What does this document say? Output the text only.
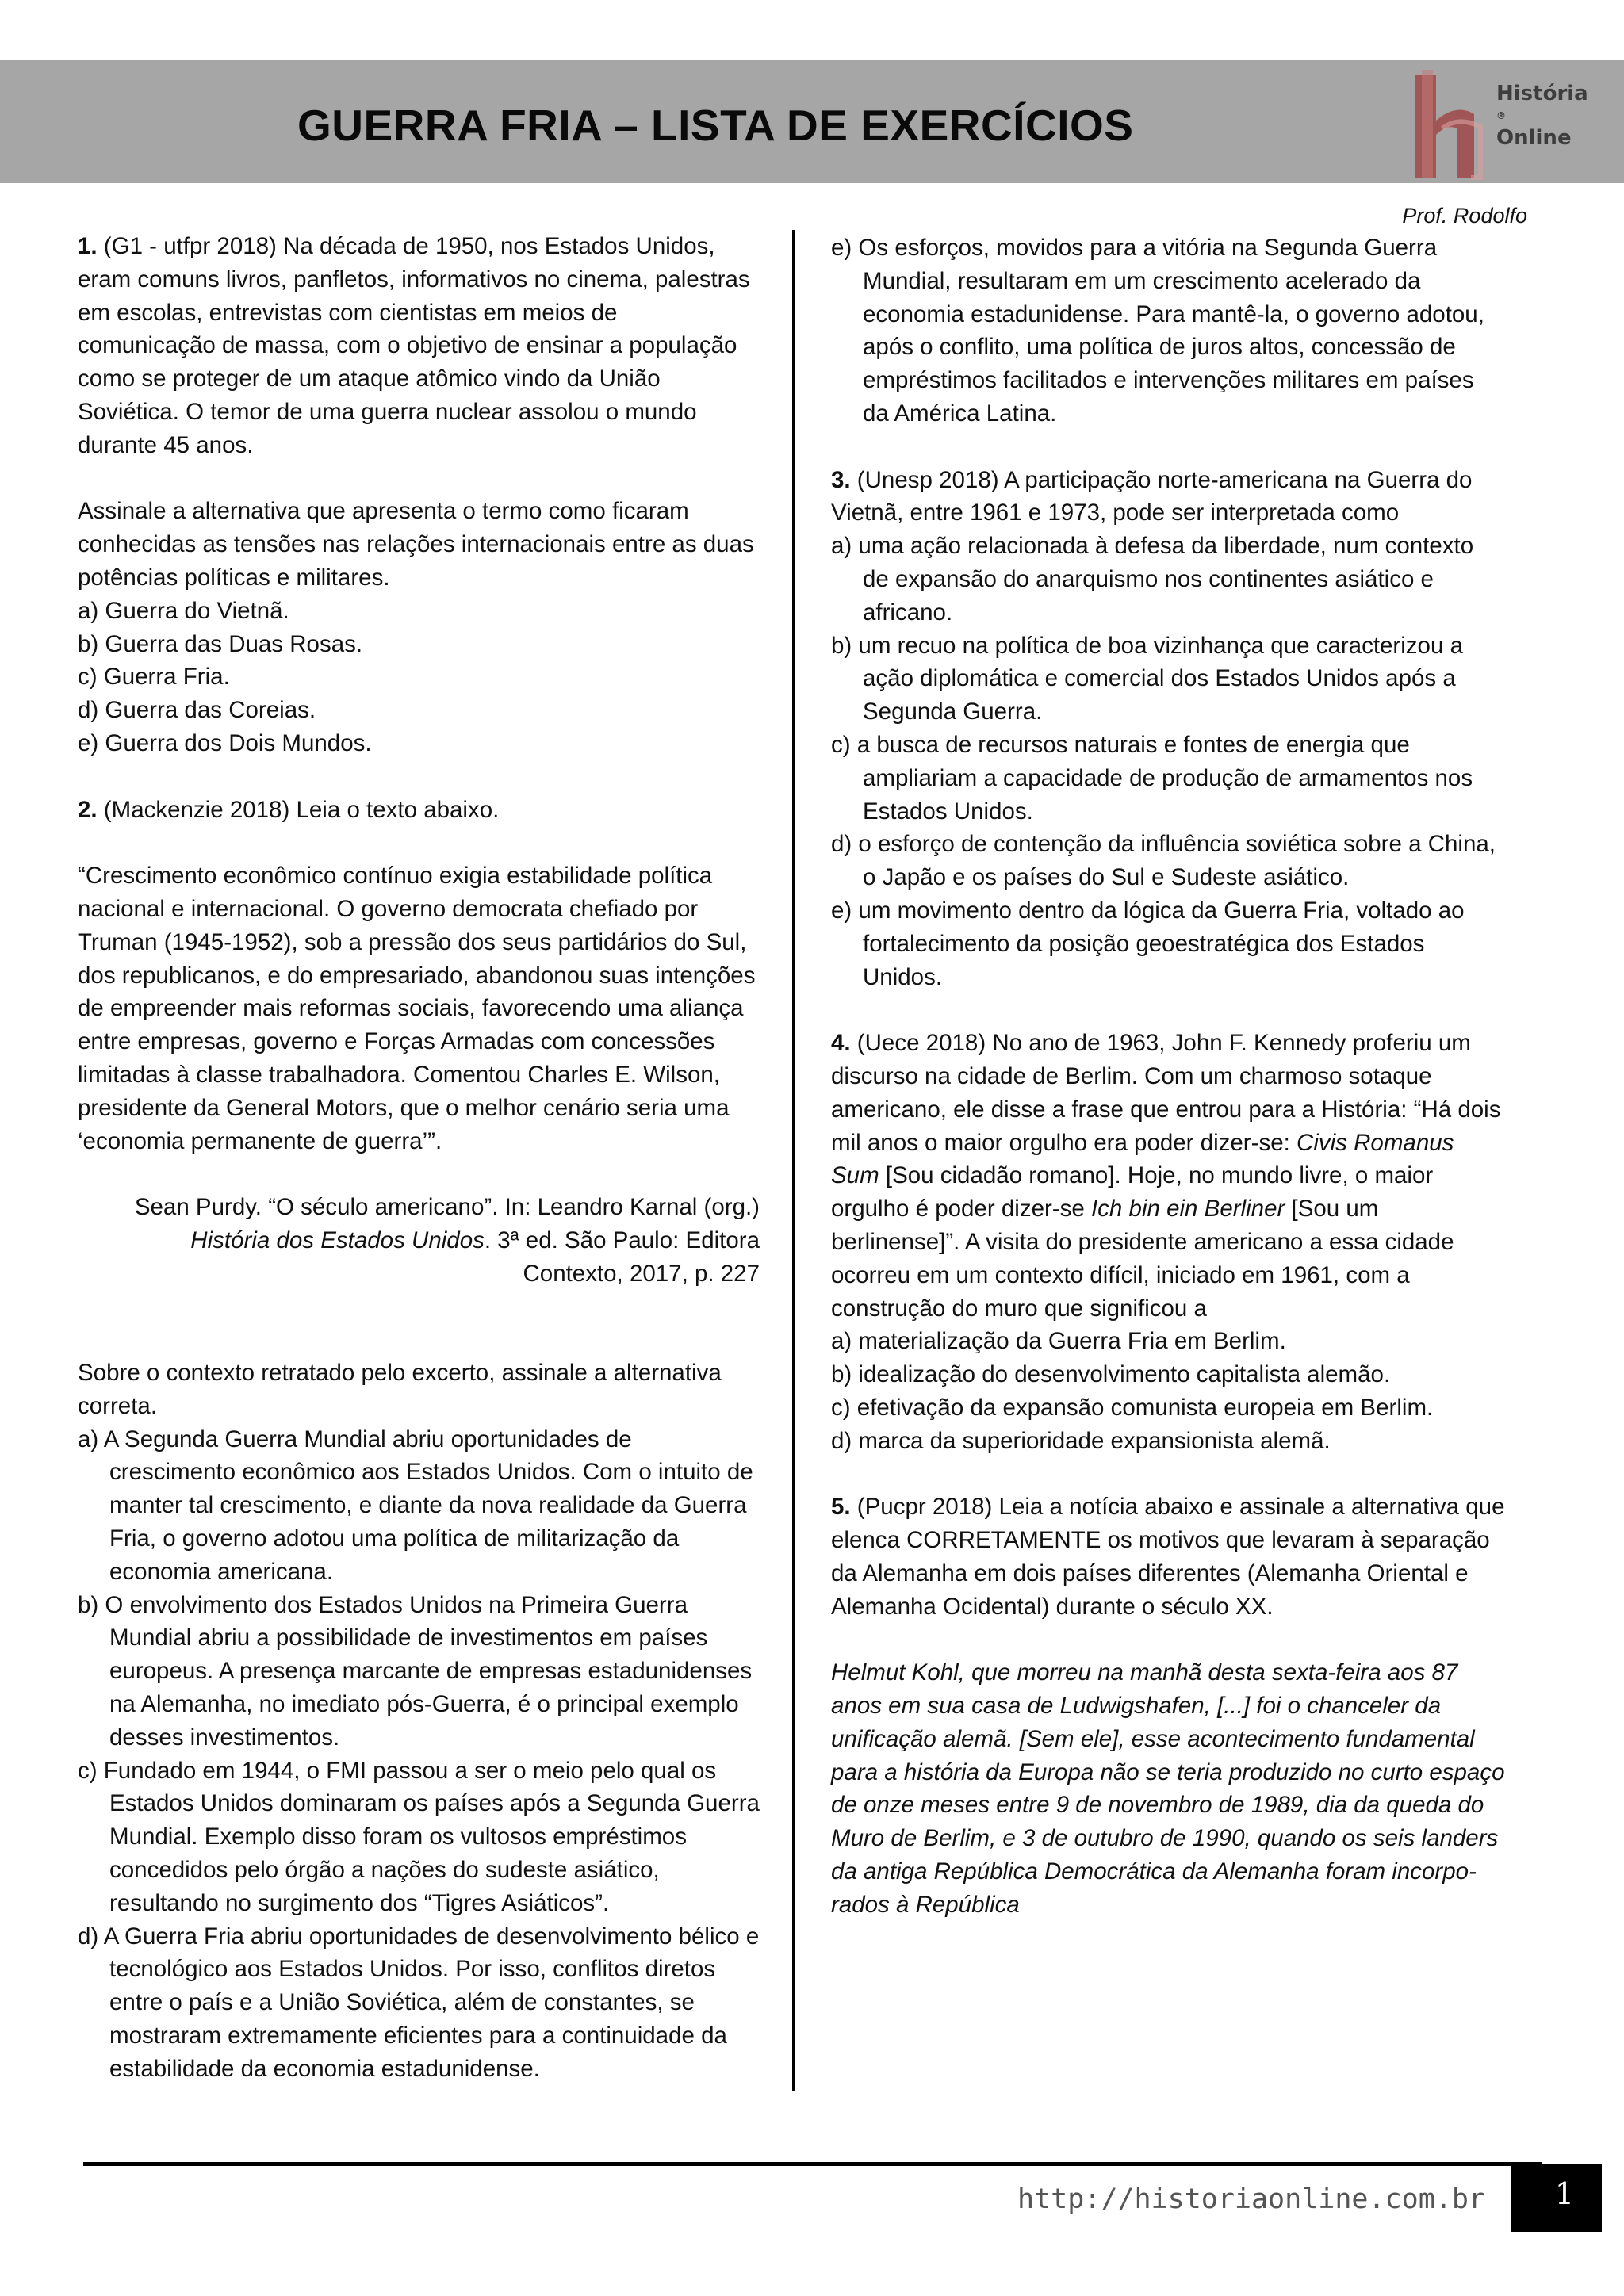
GUERRA FRIA – LISTA DE EXERCÍCIOS
História
®
Online
Prof. Rodolfo

1. (G1 - utfpr 2018) Na década de 1950, nos Estados Unidos, eram comuns livros, panfletos, informativos no cinema, palestras em escolas, entrevistas com cientistas em meios de comunicação de massa, com o objetivo de ensinar a população como se proteger de um ataque atômico vindo da União Soviética. O temor de uma guerra nuclear assolou o mundo durante 45 anos.

Assinale a alternativa que apresenta o termo como ficaram conhecidas as tensões nas relações internacionais entre as duas potências políticas e militares.

a) Guerra do Vietnã.

b) Guerra das Duas Rosas.

c) Guerra Fria.

d) Guerra das Coreias.

e) Guerra dos Dois Mundos.

2. (Mackenzie 2018) Leia o texto abaixo.

“Crescimento econômico contínuo exigia estabilidade política nacional e internacional. O governo democrata chefiado por Truman (1945-1952), sob a pressão dos seus partidários do Sul, dos republicanos, e do empresariado, abandonou suas intenções de empreender mais reformas sociais, favorecendo uma aliança entre empresas, governo e Forças Armadas com concessões limitadas à classe trabalhadora. Comentou Charles E. Wilson, presidente da General Motors, que o melhor cenário seria uma ‘economia permanente de guerra’”.

Sean Purdy. “O século americano”. In: Leandro Karnal (org.)

História dos Estados Unidos. 3ª ed. São Paulo: Editora

Contexto, 2017, p. 227

Sobre o contexto retratado pelo excerto, assinale a alternativa correta.

a) A Segunda Guerra Mundial abriu oportunidades de crescimento econômico aos Estados Unidos. Com o intuito de manter tal crescimento, e diante da nova realidade da Guerra Fria, o governo adotou uma política de militarização da economia americana.

b) O envolvimento dos Estados Unidos na Primeira Guerra Mundial abriu a possibilidade de investimentos em países europeus. A presença marcante de empresas estadunidenses na Alemanha, no imediato pós-Guerra, é o principal exemplo desses investimentos.

c) Fundado em 1944, o FMI passou a ser o meio pelo qual os Estados Unidos dominaram os países após a Segunda Guerra Mundial. Exemplo disso foram os vultosos empréstimos concedidos pelo órgão a nações do sudeste asiático, resultando no surgimento dos “Tigres Asiáticos”.

d) A Guerra Fria abriu oportunidades de desenvolvimento bélico e tecnológico aos Estados Unidos. Por isso, conflitos diretos entre o país e a União Soviética, além de constantes, se mostraram extremamente eficientes para a continuidade da estabilidade da economia estadunidense.

e) Os esforços, movidos para a vitória na Segunda Guerra Mundial, resultaram em um crescimento acelerado da economia estadunidense. Para mantê-la, o governo adotou, após o conflito, uma política de juros altos, concessão de empréstimos facilitados e intervenções militares em países da América Latina.

3. (Unesp 2018) A participação norte-americana na Guerra do Vietnã, entre 1961 e 1973, pode ser interpretada como

a) uma ação relacionada à defesa da liberdade, num contexto de expansão do anarquismo nos continentes asiático e africano.

b) um recuo na política de boa vizinhança que caracterizou a ação diplomática e comercial dos Estados Unidos após a Segunda Guerra.

c) a busca de recursos naturais e fontes de energia que ampliariam a capacidade de produção de armamentos nos Estados Unidos.

d) o esforço de contenção da influência soviética sobre a China, o Japão e os países do Sul e Sudeste asiático.

e) um movimento dentro da lógica da Guerra Fria, voltado ao fortalecimento da posição geoestratégica dos Estados Unidos.

4. (Uece 2018) No ano de 1963, John F. Kennedy proferiu um discurso na cidade de Berlim. Com um charmoso sotaque americano, ele disse a frase que entrou para a História: “Há dois mil anos o maior orgulho era poder dizer-se: Civis Romanus Sum [Sou cidadão romano]. Hoje, no mundo livre, o maior orgulho é poder dizer-se Ich bin ein Berliner [Sou um berlinense]”. A visita do presidente americano a essa cidade ocorreu em um contexto difícil, iniciado em 1961, com a construção do muro que significou a

a) materialização da Guerra Fria em Berlim.

b) idealização do desenvolvimento capitalista alemão.

c) efetivação da expansão comunista europeia em Berlim.

d) marca da superioridade expansionista alemã.

5. (Pucpr 2018) Leia a notícia abaixo e assinale a alternativa que elenca CORRETAMENTE os motivos que levaram à separação da Alemanha em dois países diferentes (Alemanha Oriental e Alemanha Ocidental) durante o século XX.

Helmut Kohl, que morreu na manhã desta sexta-feira aos 87 anos em sua casa de Ludwigshafen, [...] foi o chanceler da unificação alemã. [Sem ele], esse acontecimento fundamental para a história da Europa não se teria produzido no curto espaço de onze meses entre 9 de novembro de 1989, dia da queda do Muro de Berlim, e 3 de outubro de 1990, quando os seis landers da antiga República Democrática da Alemanha foram incorpo-rados à República

http://historiaonline.com.br	1
